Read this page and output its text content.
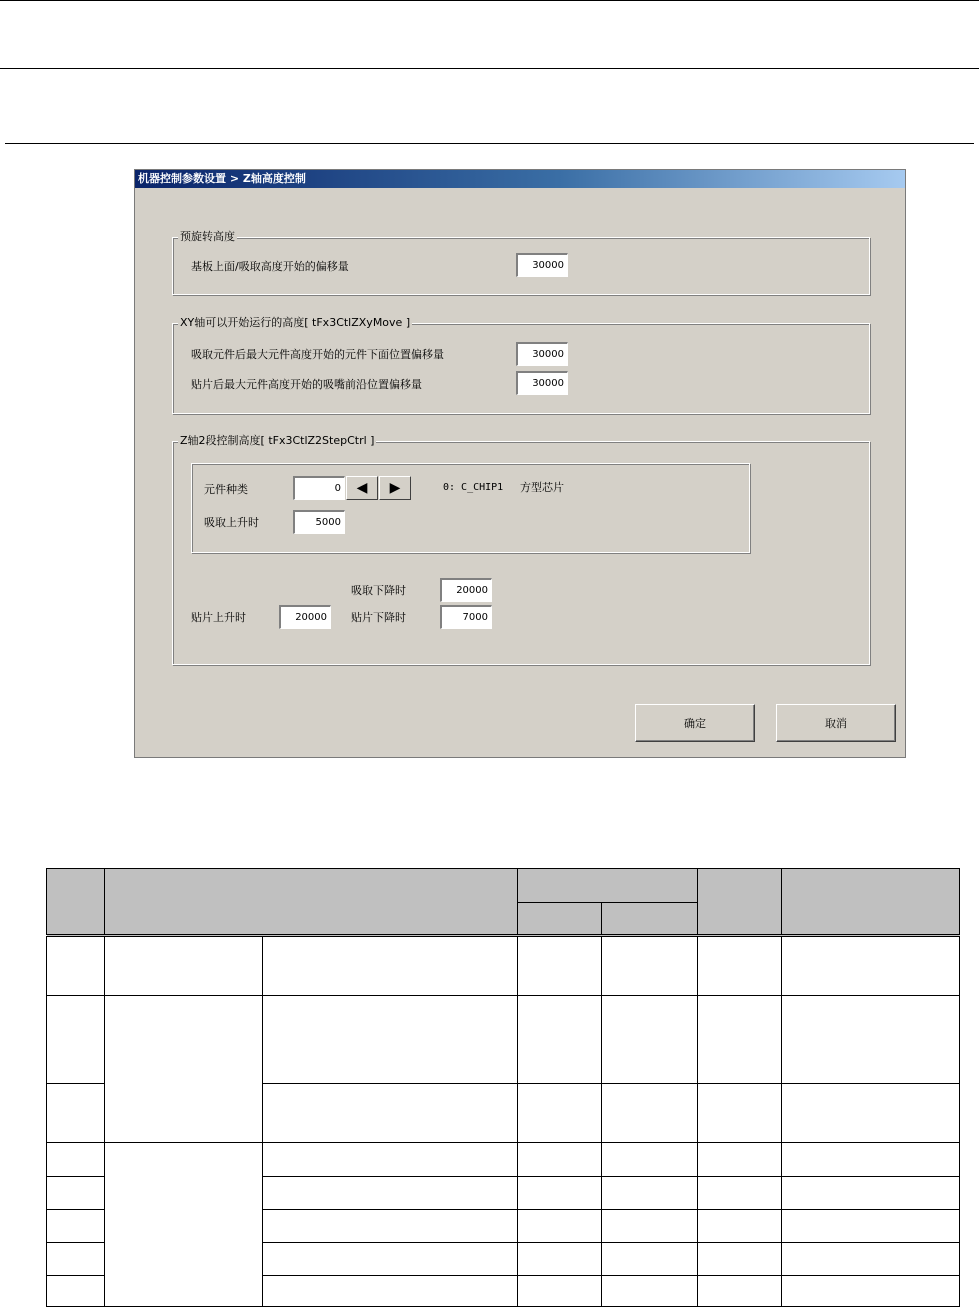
机器控制参数设置 > Z轴高度控制
预旋转高度
基板上面/吸取高度开始的偏移量
30000
XY轴可以开始运行的高度[ tFx3CtlZXyMove ]
吸取元件后最大元件高度开始的元件下面位置偏移量
30000
贴片后最大元件高度开始的吸嘴前沿位置偏移量
30000
Z轴2段控制高度[ tFx3CtlZ2StepCtrl ]
元件种类
0	◀ ▶	0: C_CHIP1 方型芯片
吸取上升时
5000
吸取下降时
20000
贴片上升时
20000	贴片下降时
7000
确定	取消
